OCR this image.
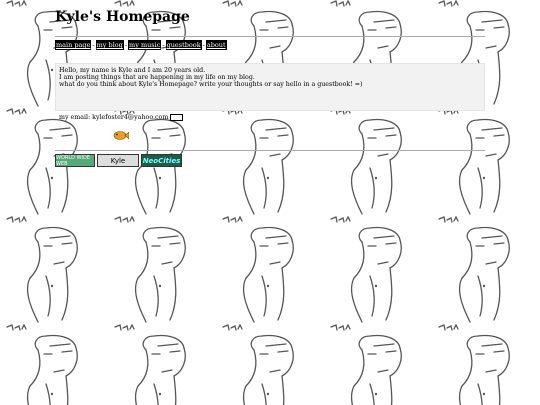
Kyle's Homepage
main page - my blog - my music - guestbook - about

Hello, my name is Kyle and I am 20 years old.

I am posting things that are happening in my life on my blog.

what do you think about Kyle's Homepage? write your thoughts or say hello in a guestbook! =)

my email: kylefoster4@yahoo.com

WORLD WIDE WEB	Kyle NeoCities
